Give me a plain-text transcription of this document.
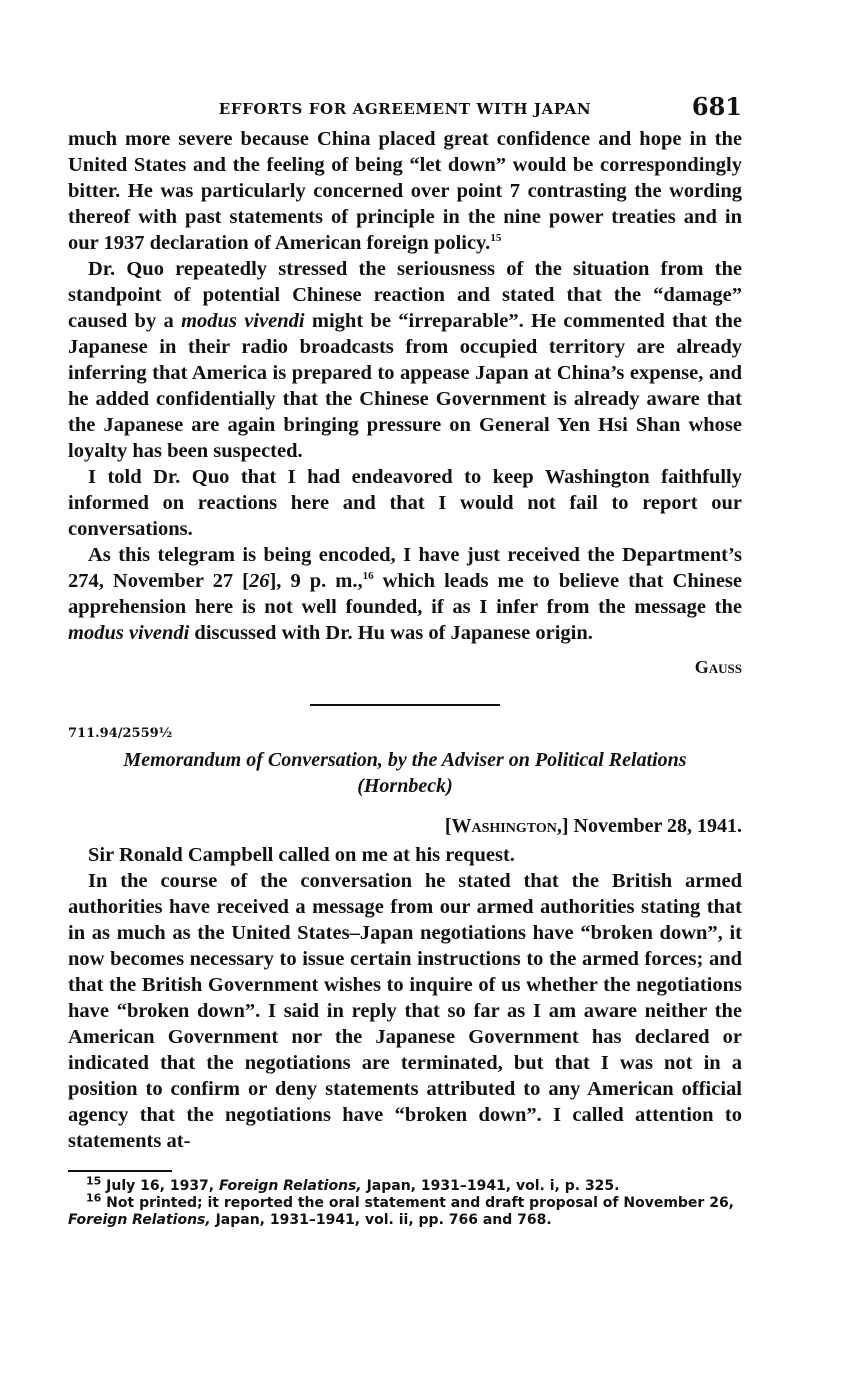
EFFORTS FOR AGREEMENT WITH JAPAN	681

much more severe because China placed great confidence and hope in the United States and the feeling of being “let down” would be correspondingly bitter. He was particularly concerned over point 7 contrasting the wording thereof with past statements of principle in the nine power treaties and in our 1937 declaration of American foreign policy.$^{15}$

Dr. Quo repeatedly stressed the seriousness of the situation from the standpoint of potential Chinese reaction and stated that the “damage” caused by a modus vivendi might be “irreparable”. He commented that the Japanese in their radio broadcasts from occupied territory are already inferring that America is prepared to appease Japan at China’s expense, and he added confidentially that the Chinese Government is already aware that the Japanese are again bringing pressure on General Yen Hsi Shan whose loyalty has been suspected.

I told Dr. Quo that I had endeavored to keep Washington faithfully informed on reactions here and that I would not fail to report our conversations.

As this telegram is being encoded, I have just received the Department’s 274, November 27 [26], 9 p. m.,$^{16}$ which leads me to believe that Chinese apprehension here is not well founded, if as I infer from the message the modus vivendi discussed with Dr. Hu was of Japanese origin.

Gauss
711.94/2559½
Memorandum of Conversation, by the Adviser on Political Relations
(Hornbeck)
[Washington,] November 28, 1941.

Sir Ronald Campbell called on me at his request.

In the course of the conversation he stated that the British armed authorities have received a message from our armed authorities stating that in as much as the United States–Japan negotiations have “broken down”, it now becomes necessary to issue certain instructions to the armed forces; and that the British Government wishes to inquire of us whether the negotiations have “broken down”. I said in reply that so far as I am aware neither the American Government nor the Japanese Government has declared or indicated that the negotiations are terminated, but that I was not in a position to confirm or deny statements attributed to any American official agency that the negotiations have “broken down”. I called attention to statements at-

$^{15}$ July 16, 1937, Foreign Relations, Japan, 1931–1941, vol. i, p. 325.

$^{16}$ Not printed; it reported the oral statement and draft proposal of November 26, Foreign Relations, Japan, 1931–1941, vol. ii, pp. 766 and 768.
